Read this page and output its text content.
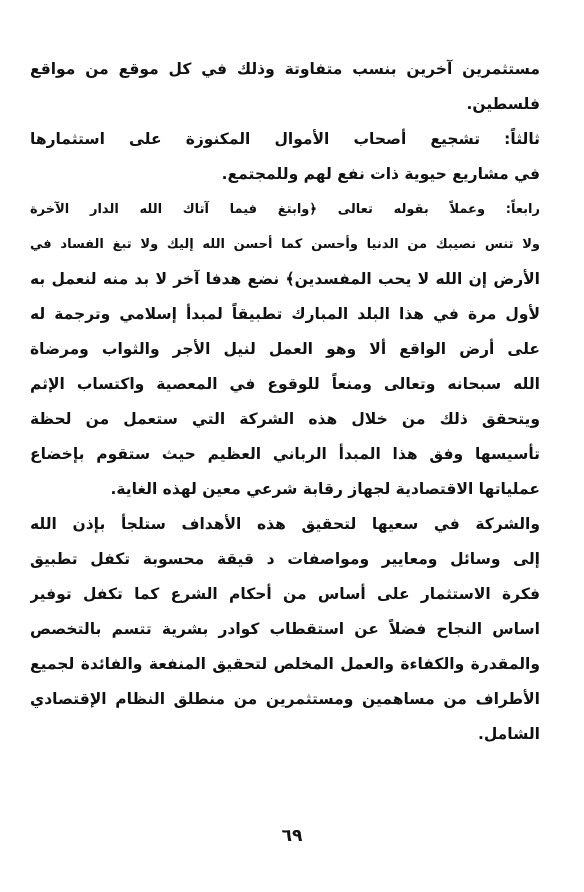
مستثمرين آخرين بنسب متفاوتة وذلك في كل موقع من مواقع
فلسطين.
ثالثاً: تشجيع أصحاب الأموال المكنوزة على استثمارها
في مشاريع حيوية ذات نفع لهم وللمجتمع.
رابعاً: وعملاً بقوله تعالى ﴿وابتغ فيما آتاك الله الدار الآخرة
ولا تنس نصيبك من الدنيا وأحسن كما أحسن الله إليك ولا تبغ الفساد في
الأرض إن الله لا يحب المفسدين﴾ نضع هدفا آخر لا بد منه لنعمل به
لأول مرة في هذا البلد المبارك تطبيقاً لمبدأ إسلامي وترجمة له
على أرض الواقع ألا وهو العمل لنيل الأجر والثواب ومرضاة
الله سبحانه وتعالى ومنعاً للوقوع في المعصية واكتساب الإثم
ويتحقق ذلك من خلال هذه الشركة التي ستعمل من لحظة
تأسيسها وفق هذا المبدأ الرباني العظيم حيث ستقوم بإخضاع
عملياتها الاقتصادية لجهاز رقابة شرعي معين لهذه الغاية.
والشركة في سعيها لتحقيق هذه الأهداف ستلجأ بإذن الله
إلى وسائل ومعايير ومواصفات د قيقة محسوبة تكفل تطبيق
فكرة الاستثمار على أساس من أحكام الشرع كما تكفل توفير
اساس النجاح فضلاً عن استقطاب كوادر بشرية تتسم بالتخصص
والمقدرة والكفاءة والعمل المخلص لتحقيق المنفعة والفائدة لجميع
الأطراف من مساهمين ومستثمرين من منطلق النظام الإقتصادي
الشامل.
٦٩
